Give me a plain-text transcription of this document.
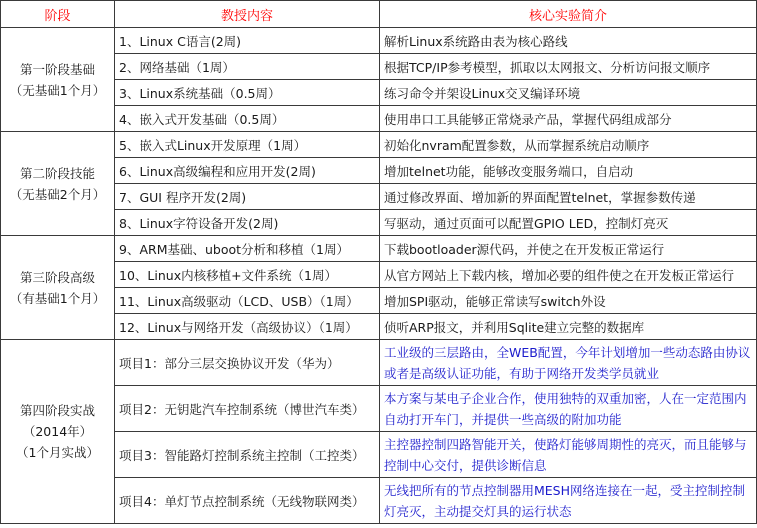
阶段	教授内容	核心实验简介

第一阶段基础
（无基础1个月）	1、Linux C语言(2周)	解析Linux系统路由表为核心路线
	2、网络基础（1周）	根据TCP/IP参考模型，抓取以太网报文、分析访问报文顺序
	3、Linux系统基础（0.5周）	练习命令并架设Linux交叉编译环境
	4、嵌入式开发基础（0.5周）	使用串口工具能够正常烧录产品，掌握代码组成部分

第二阶段技能
（无基础2个月）	5、嵌入式Linux开发原理（1周）	初始化nvram配置参数，从而掌握系统启动顺序
	6、Linux高级编程和应用开发(2周)	增加telnet功能，能够改变服务端口，自启动
	7、GUI 程序开发(2周)	通过修改界面、增加新的界面配置telnet，掌握参数传递
	8、Linux字符设备开发(2周)	写驱动，通过页面可以配置GPIO LED，控制灯亮灭

第三阶段高级
（有基础1个月）	9、ARM基础、uboot分析和移植（1周）	下载bootloader源代码，并使之在开发板正常运行
	10、Linux内核移植+文件系统（1周）	从官方网站上下载内核，增加必要的组件使之在开发板正常运行
	11、Linux高级驱动（LCD、USB）（1周）	增加SPI驱动，能够正常读写switch外设
	12、Linux与网络开发（高级协议）（1周）	侦听ARP报文，并利用Sqlite建立完整的数据库

第四阶段实战
（2014年）
（1个月实战）	项目1：部分三层交换协议开发（华为）	工业级的三层路由，全WEB配置，今年计划增加一些动态路由协议或者是高级认证功能，有助于网络开发类学员就业
	项目2：无钥匙汽车控制系统（博世汽车类）	本方案与某电子企业合作，使用独特的双重加密，人在一定范围内自动打开车门，并提供一些高级的附加功能
	项目3：智能路灯控制系统主控制（工控类）	主控器控制四路智能开关，使路灯能够周期性的亮灭，而且能够与控制中心交付，提供诊断信息
	项目4：单灯节点控制系统（无线物联网类）	无线把所有的节点控制器用MESH网络连接在一起，受主控制控制灯亮灭，主动提交灯具的运行状态
